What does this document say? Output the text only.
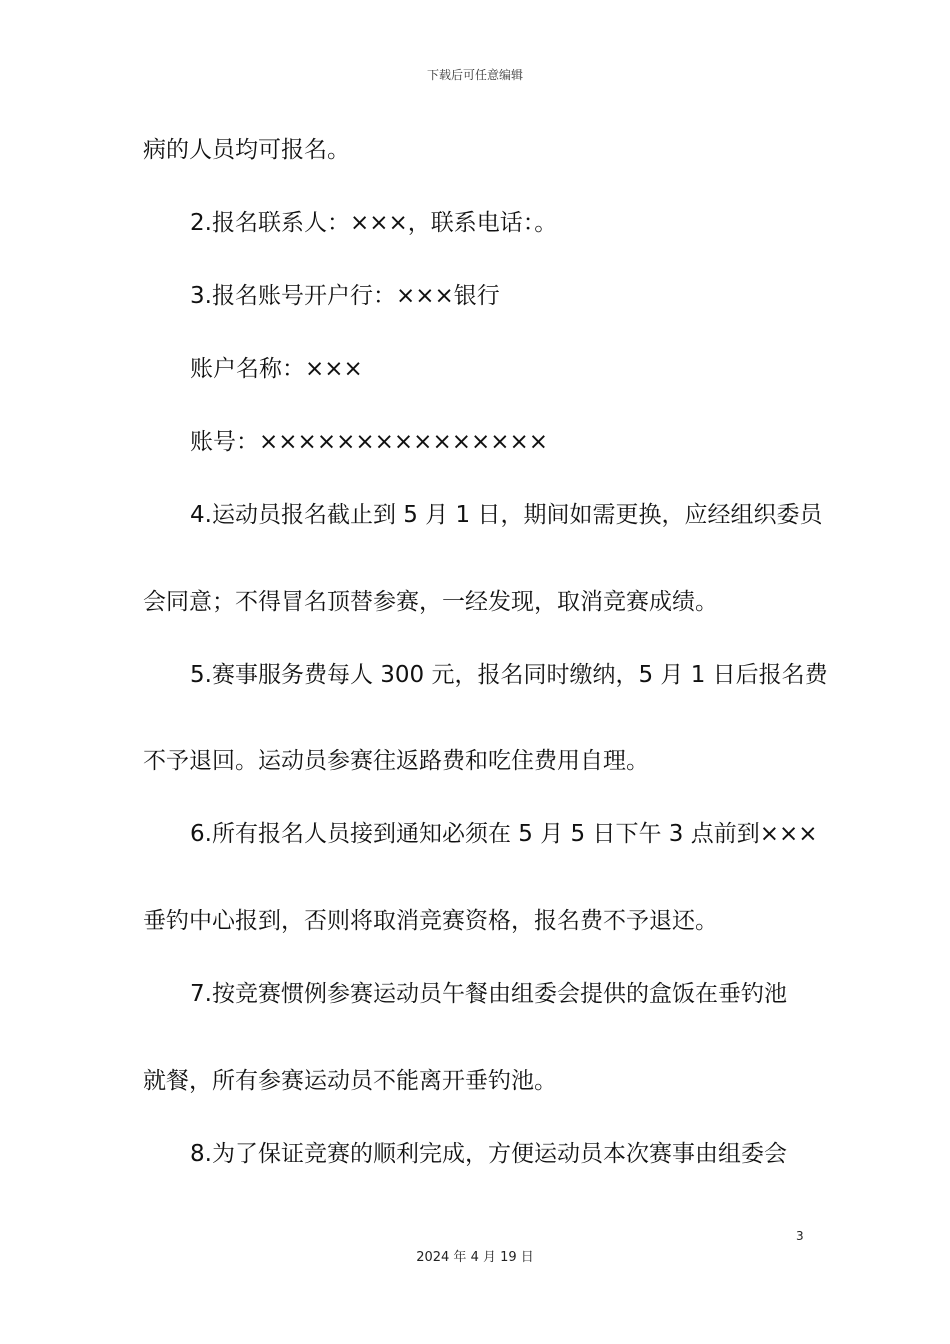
下载后可任意编辑
病的人员均可报名。
2.报名联系人：×××，联系电话：。
3.报名账号开户行：×××银行
账户名称：×××
账号：×××××××××××××××
4.运动员报名截止到 5 月 1 日，期间如需更换，应经组织委员
会同意；不得冒名顶替参赛，一经发现，取消竞赛成绩。
5.赛事服务费每人 300 元，报名同时缴纳，5 月 1 日后报名费
不予退回。运动员参赛往返路费和吃住费用自理。
6.所有报名人员接到通知必须在 5 月 5 日下午 3 点前到×××
垂钓中心报到，否则将取消竞赛资格，报名费不予退还。
7.按竞赛惯例参赛运动员午餐由组委会提供的盒饭在垂钓池
就餐，所有参赛运动员不能离开垂钓池。
8.为了保证竞赛的顺利完成，方便运动员本次赛事由组委会
3
2024 年 4 月 19 日
